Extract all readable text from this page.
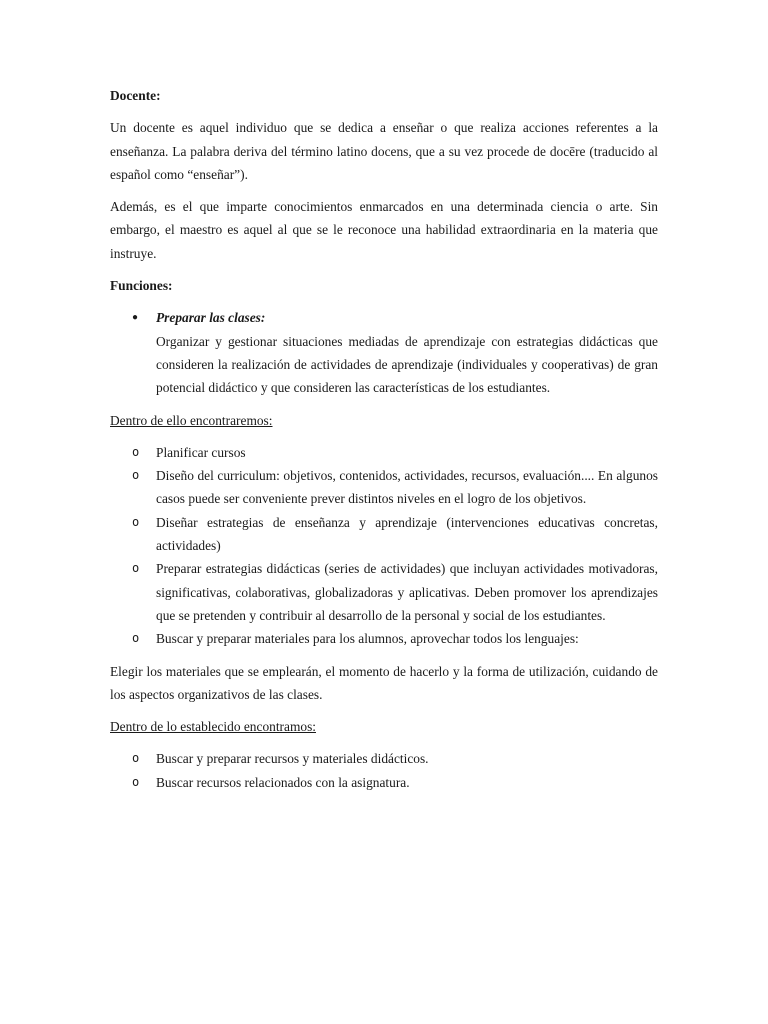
Docente:

Un docente es aquel individuo que se dedica a enseñar o que realiza acciones referentes a la enseñanza. La palabra deriva del término latino docens, que a su vez procede de docēre (traducido al español como “enseñar”).

Además, es el que imparte conocimientos enmarcados en una determinada ciencia o arte. Sin embargo, el maestro es aquel al que se le reconoce una habilidad extraordinaria en la materia que instruye.

Funciones:
● Preparar las clases:
Organizar y gestionar situaciones mediadas de aprendizaje con estrategias didácticas que consideren la realización de actividades de aprendizaje (individuales y cooperativas) de gran potencial didáctico y que consideren las características de los estudiantes.
Dentro de ello encontraremos:
o Planificar cursos
o Diseño del curriculum: objetivos, contenidos, actividades, recursos, evaluación.... En algunos casos puede ser conveniente prever distintos niveles en el logro de los objetivos.
o Diseñar estrategias de enseñanza y aprendizaje (intervenciones educativas concretas, actividades)
o Preparar estrategias didácticas (series de actividades) que incluyan actividades motivadoras, significativas, colaborativas, globalizadoras y aplicativas. Deben promover los aprendizajes que se pretenden y contribuir al desarrollo de la personal y social de los estudiantes.
o Buscar y preparar materiales para los alumnos, aprovechar todos los lenguajes:

Elegir los materiales que se emplearán, el momento de hacerlo y la forma de utilización, cuidando de los aspectos organizativos de las clases.

Dentro de lo establecido encontramos:
o Buscar y preparar recursos y materiales didácticos.
o Buscar recursos relacionados con la asignatura.
